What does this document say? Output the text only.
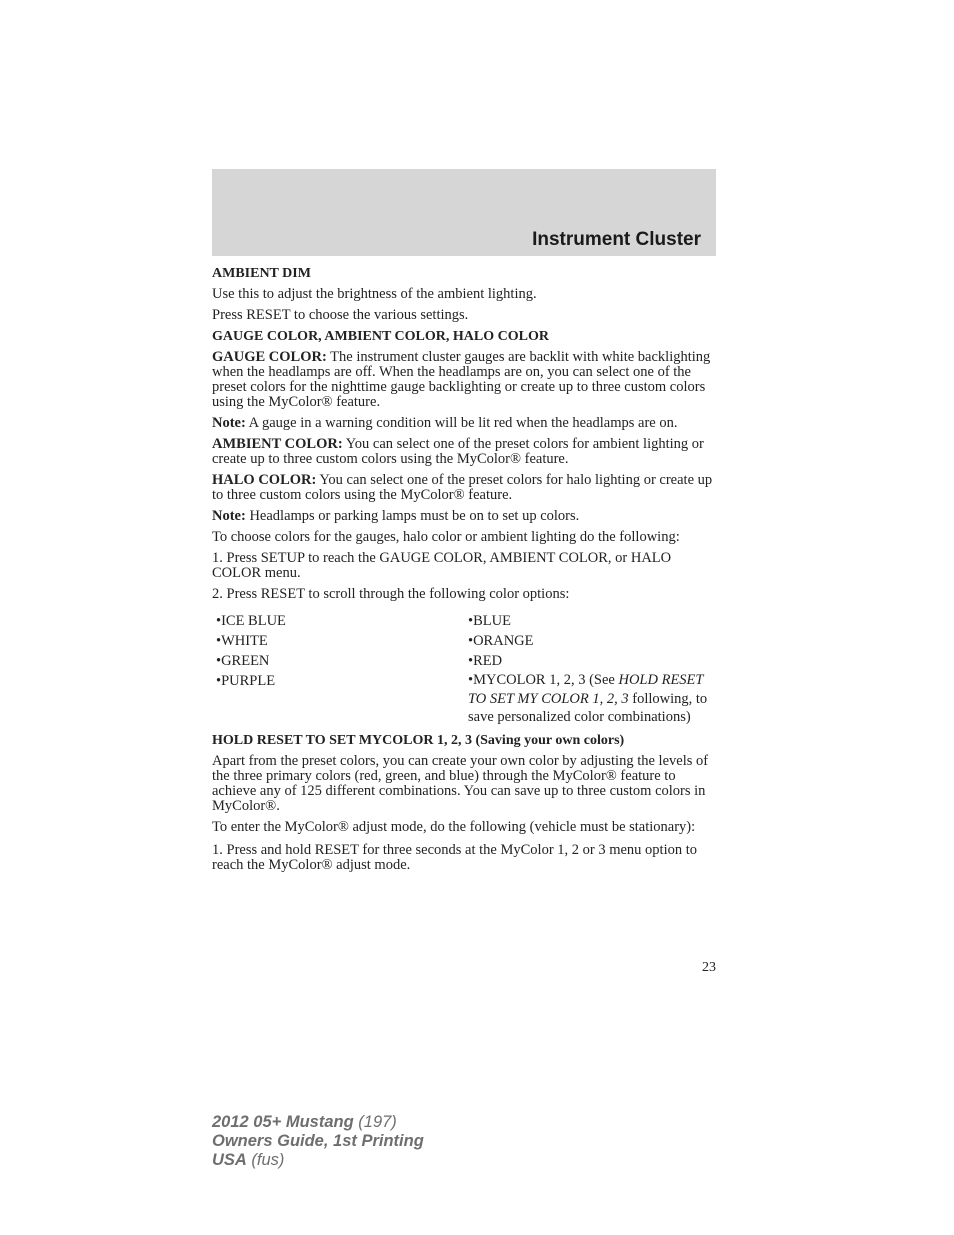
Instrument Cluster
AMBIENT DIM

Use this to adjust the brightness of the ambient lighting.

Press RESET to choose the various settings.

GAUGE COLOR, AMBIENT COLOR, HALO COLOR

GAUGE COLOR: The instrument cluster gauges are backlit with white backlighting when the headlamps are off. When the headlamps are on, you can select one of the preset colors for the nighttime gauge backlighting or create up to three custom colors using the MyColor® feature.

Note: A gauge in a warning condition will be lit red when the headlamps are on.

AMBIENT COLOR: You can select one of the preset colors for ambient lighting or create up to three custom colors using the MyColor® feature.

HALO COLOR: You can select one of the preset colors for halo lighting or create up to three custom colors using the MyColor® feature.

Note: Headlamps or parking lamps must be on to set up colors.

To choose colors for the gauges, halo color or ambient lighting do the following:

1. Press SETUP to reach the GAUGE COLOR, AMBIENT COLOR, or HALO COLOR menu.

2. Press RESET to scroll through the following color options:

•ICE BLUE
•WHITE
•GREEN
•PURPLE
•BLUE
•ORANGE
•RED
•MYCOLOR 1, 2, 3 (See HOLD RESET TO SET MY COLOR 1, 2, 3 following, to save personalized color combinations)
HOLD RESET TO SET MYCOLOR 1, 2, 3 (Saving your own colors)

Apart from the preset colors, you can create your own color by adjusting the levels of the three primary colors (red, green, and blue) through the MyColor® feature to achieve any of 125 different combinations. You can save up to three custom colors in MyColor®.

To enter the MyColor® adjust mode, do the following (vehicle must be stationary):

1. Press and hold RESET for three seconds at the MyColor 1, 2 or 3 menu option to reach the MyColor® adjust mode.

23
2012 05+ Mustang (197)
Owners Guide, 1st Printing
USA (fus)
